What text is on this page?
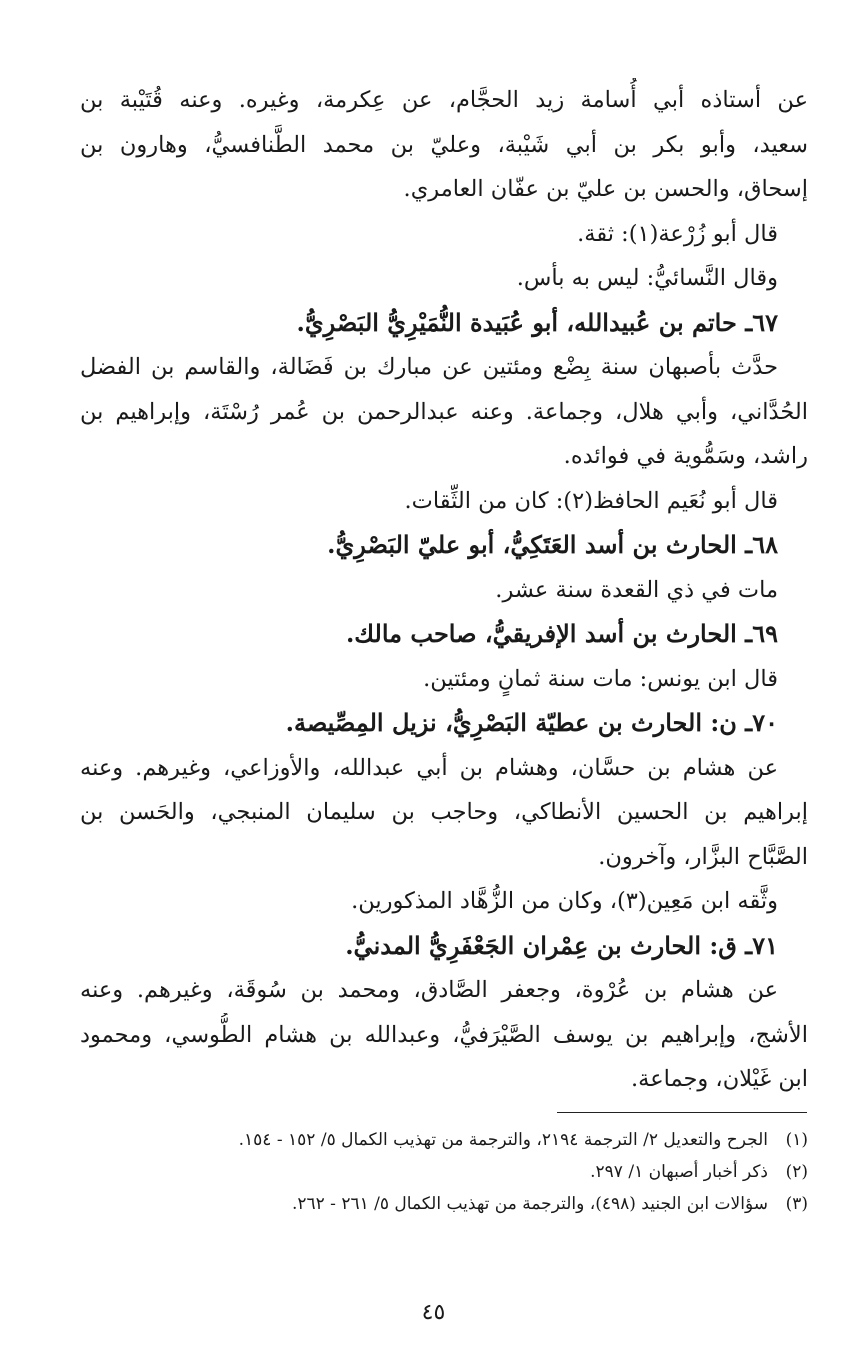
عن أستاذه أبي أُسامة زيد الحجَّام، عن عِكرمة، وغيره. وعنه قُتَيْبة بن
سعيد، وأبو بكر بن أبي شَيْبة، وعليّ بن محمد الطَّنافسيُّ، وهارون بن
إسحاق، والحسن بن عليّ بن عفّان العامري.
قال أبو زُرْعة(١): ثقة.
وقال النَّسائيُّ: ليس به بأس.
٦٧ـ حاتم بن عُبيدالله، أبو عُبَيدة النُّمَيْرِيُّ البَصْرِيُّ.
حدَّث بأصبهان سنة بِضْع ومئتين عن مبارك بن فَضَالة، والقاسم بن الفضل
الحُدَّاني، وأبي هلال، وجماعة. وعنه عبدالرحمن بن عُمر رُسْتَة، وإبراهيم بن
راشد، وسَمُّوية في فوائده.
قال أبو نُعَيم الحافظ(٢): كان من الثِّقات.
٦٨ـ الحارث بن أسد العَتَكِيُّ، أبو عليّ البَصْرِيُّ.
مات في ذي القعدة سنة عشر.
٦٩ـ الحارث بن أسد الإفريقيُّ، صاحب مالك.
قال ابن يونس: مات سنة ثمانٍ ومئتين.
٧٠ـ ن: الحارث بن عطيّة البَصْرِيُّ، نزيل المِصِّيصة.
عن هشام بن حسَّان، وهشام بن أبي عبدالله، والأوزاعي، وغيرهم. وعنه
إبراهيم بن الحسين الأنطاكي، وحاجب بن سليمان المنبجي، والحَسن بن
الصَّبَّاح البزَّار، وآخرون.
وثَّقه ابن مَعِين(٣)، وكان من الزُّهَّاد المذكورين.
٧١ـ ق: الحارث بن عِمْران الجَعْفَرِيُّ المدنيُّ.
عن هشام بن عُرْوة، وجعفر الصَّادق، ومحمد بن سُوقَة، وغيرهم. وعنه
الأشج، وإبراهيم بن يوسف الصَّيْرَفيُّ، وعبدالله بن هشام الطُّوسي، ومحمود
ابن غَيْلان، وجماعة.
( ١ )
الجرح والتعديل ٢/ الترجمة ٢١٩٤، والترجمة من تهذيب الكمال ٥/ ١٥٢ - ١٥٤.
( ٢ )
ذكر أخبار أصبهان ١/ ٢٩٧.
( ٣ )
سؤالات ابن الجنيد (٤٩٨)، والترجمة من تهذيب الكمال ٥/ ٢٦١ - ٢٦٢.
٤٥
